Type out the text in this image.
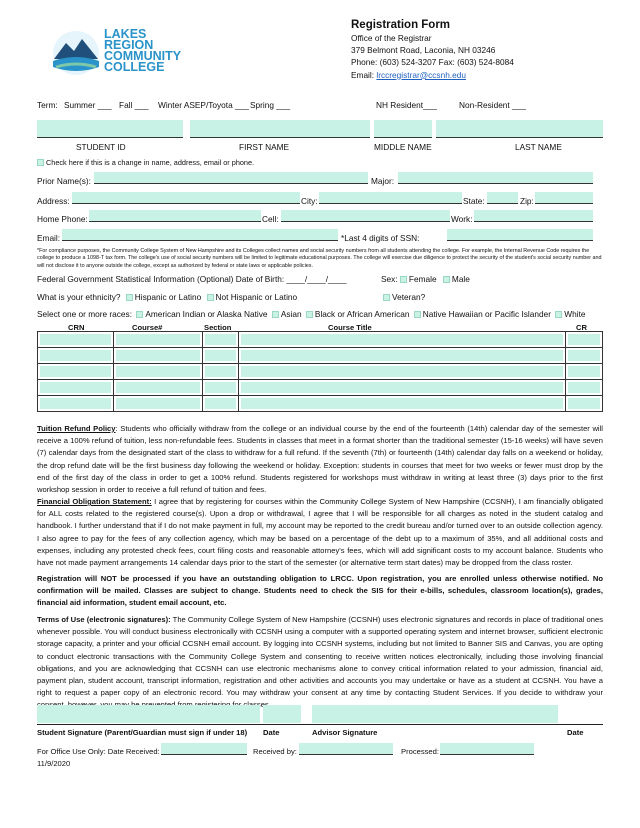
LAKES
REGION
COMMUNITY
COLLEGE
Registration Form
Office of the Registrar
379 Belmont Road, Laconia, NH 03246
Phone: (603) 524-3207 Fax: (603) 524-8084
Email: lrccregistrar@ccsnh.edu
Term: Summer ___ Fall ___ Winter ASEP/Toyota ___ Spring ___	NH Resident___	Non-Resident ___
STUDENT ID	FIRST NAME	MIDDLE NAME	LAST NAME
Check here if this is a change in name, address, email or phone.
Prior Name(s):	Major:
Address:	City:	State:	Zip:
Home Phone:	Cell:	Work:
Email:	*Last 4 digits of SSN:
*For compliance purposes, the Community College System of New Hampshire and its Colleges collect names and social security numbers from all students attending the college. For example, the Internal Revenue Code requires the college to produce a 1098-T tax form. The college's use of social security numbers will be limited to legitimate educational purposes. The college will exercise due diligence to protect the security of the student's social security number and will not disclose it to anyone outside the college, except as authorized by federal or state laws or applicable policies.
Federal Government Statistical Information (Optional) Date of Birth: ____/____/____	Sex: Female Male
What is your ethnicity? Hispanic or Latino Not Hispanic or Latino	Veteran?
Select one or more races: American Indian or Alaska Native Asian Black or African American Native Hawaiian or Pacific Islander White
CRN	Course#	Section	Course Title	CR

Tuition Refund Policy: Students who officially withdraw from the college or an individual course by the end of the fourteenth (14th) calendar day of the semester will receive a 100% refund of tuition, less non-refundable fees. Students in classes that meet in a format shorter than the traditional semester (15-16 weeks) will have seven (7) calendar days from the designated start of the class to withdraw for a full refund. If the seventh (7th) or fourteenth (14th) calendar day falls on a weekend or holiday, the drop refund date will be the first business day following the weekend or holiday. Exception: students in courses that meet for two weeks or fewer must drop by the end of the first day of the class in order to get a 100% refund. Students registered for workshops must withdraw in writing at least three (3) days prior to the first workshop session in order to receive a full refund of tuition and fees.
Financial Obligation Statement: I agree that by registering for courses within the Community College System of New Hampshire (CCSNH), I am financially obligated for ALL costs related to the registered course(s). Upon a drop or withdrawal, I agree that I will be responsible for all charges as noted in the student catalog and handbook. I further understand that if I do not make payment in full, my account may be reported to the credit bureau and/or turned over to an outside collection agency. I also agree to pay for the fees of any collection agency, which may be based on a percentage of the debt up to a maximum of 35%, and all additional costs and expenses, including any protested check fees, court filing costs and reasonable attorney's fees, which will add significant costs to my account balance. Students who have not made payment arrangements 14 calendar days prior to the start of the semester (or alternative term start dates) may be dropped from the class roster.
Registration will NOT be processed if you have an outstanding obligation to LRCC. Upon registration, you are enrolled unless otherwise notified. No confirmation will be mailed. Classes are subject to change. Students need to check the SIS for their e-bills, schedules, classroom location(s), grades, financial aid information, student email account, etc.
Terms of Use (electronic signatures): The Community College System of New Hampshire (CCSNH) uses electronic signatures and records in place of traditional ones whenever possible. You will conduct business electronically with CCSNH using a computer with a supported operating system and internet browser, sufficient electronic storage capacity, a printer and your official CCSNH email account. By logging into CCSNH systems, including but not limited to Banner SIS and Canvas, you are opting to conduct electronic transactions with the Community College System and consenting to receive written notices electronically, including those involving financial obligations, and you are acknowledging that CCSNH can use electronic mechanisms alone to convey critical information related to your admission, financial aid, payment plan, student account, transcript information, registration and other activities and accounts you may undertake or have as a student at CCSNH. You have a right to request a paper copy of an electronic record. You may withdraw your consent at any time by contacting Student Services. If you decide to withdraw your
Student Signature (Parent/Guardian must sign if under 18) Date	Advisor Signature	Date
For Office Use Only: Date Received:	Received by:	Processed:
11/9/2020
